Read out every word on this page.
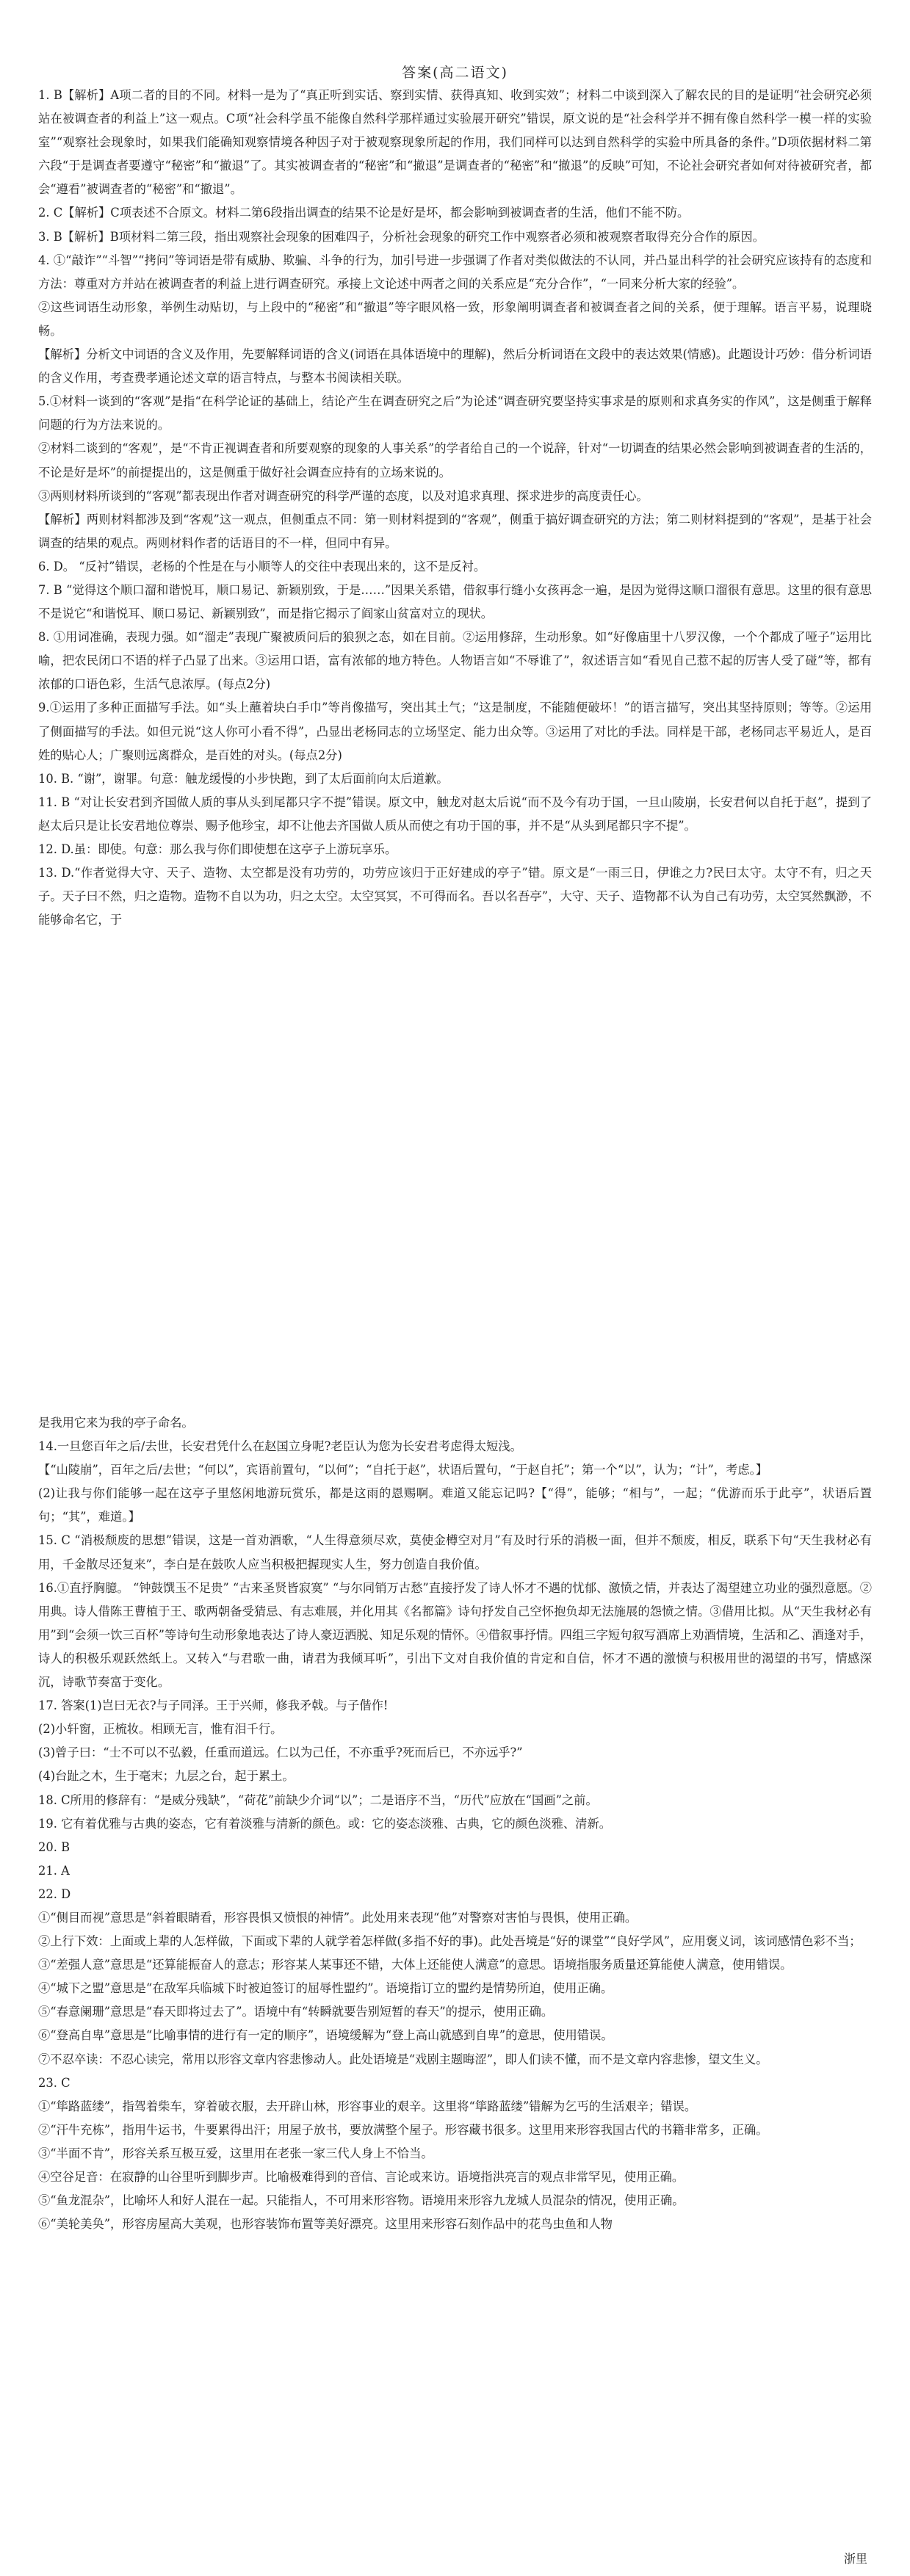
答案(高二语文)

1. B【解析】A项二者的目的不同。材料一是为了“真正听到实话、察到实情、获得真知、收到实效”；材料二中谈到深入了解农民的目的是证明“社会研究必须站在被调查者的利益上”这一观点。C项“社会科学虽不能像自然科学那样通过实验展开研究”错误，原文说的是“社会科学并不拥有像自然科学一模一样的实验室”“观察社会现象时，如果我们能确知观察情境各种因子对于被观察现象所起的作用，我们同样可以达到自然科学的实验中所具备的条件。”D项依据材料二第六段“于是调查者要遵守“秘密”和“撤退”了。其实被调查者的“秘密”和“撤退”是调查者的“秘密”和“撤退”的反映”可知，不论社会研究者如何对待被研究者，都会“遵看”被调查者的“秘密”和“撤退”。

2. C【解析】C项表述不合原文。材料二第6段指出调查的结果不论是好是坏，都会影响到被调查者的生活，他们不能不防。

3. B【解析】B项材料二第三段，指出观察社会现象的困难四子，分析社会现象的研究工作中观察者必须和被观察者取得充分合作的原因。

4. ①“敲诈”“斗智”“拷问”等词语是带有威胁、欺骗、斗争的行为，加引号进一步强调了作者对类似做法的不认同，并凸显出科学的社会研究应该持有的态度和方法：尊重对方并站在被调查者的利益上进行调查研究。承接上文论述中两者之间的关系应是“充分合作”，“一同来分析大家的经验”。

②这些词语生动形象，举例生动贴切，与上段中的“秘密”和“撤退”等字眼风格一致，形象阐明调查者和被调查者之间的关系，便于理解。语言平易，说理晓畅。

【解析】分析文中词语的含义及作用，先要解释词语的含义(词语在具体语境中的理解)，然后分析词语在文段中的表达效果(情感)。此题设计巧妙：借分析词语的含义作用，考查费孝通论述文章的语言特点，与整本书阅读相关联。

5.①材料一谈到的“客观”是指“在科学论证的基础上，结论产生在调查研究之后”为论述“调查研究要坚持实事求是的原则和求真务实的作风”，这是侧重于解释问题的行为方法来说的。

②材料二谈到的“客观”，是“不肯正视调查者和所要观察的现象的人事关系”的学者给自己的一个说辞，针对“一切调查的结果必然会影响到被调查者的生活的，不论是好是坏”的前提提出的，这是侧重于做好社会调查应持有的立场来说的。

③两则材料所谈到的“客观”都表现出作者对调查研究的科学严谨的态度，以及对追求真理、探求进步的高度责任心。

【解析】两则材料都涉及到“客观”这一观点，但侧重点不同：第一则材料提到的“客观”，侧重于搞好调查研究的方法；第二则材料提到的“客观”，是基于社会调查的结果的观点。两则材料作者的话语目的不一样，但同中有异。

6. D。 “反衬”错误，老杨的个性是在与小顺等人的交往中表现出来的，这不是反衬。

7. B “觉得这个顺口溜和谐悦耳，顺口易记、新颖别致，于是……”因果关系错，借叙事行缝小女孩再念一遍，是因为觉得这顺口溜很有意思。这里的很有意思不是说它“和谐悦耳、顺口易记、新颖别致”，而是指它揭示了阎家山贫富对立的现状。

8. ①用词准确，表现力强。如“溜走”表现广聚被质问后的狼狈之态，如在目前。②运用修辞，生动形象。如“好像庙里十八罗汉像，一个个都成了哑子”运用比喻，把农民闭口不语的样子凸显了出来。③运用口语，富有浓郁的地方特色。人物语言如“不辱谁了”，叙述语言如“看见自己惹不起的厉害人受了碰”等，都有浓郁的口语色彩，生活气息浓厚。(每点2分)

9.①运用了多种正面描写手法。如“头上蘸着块白手巾”等肖像描写，突出其土气；“这是制度，不能随便破坏！”的语言描写，突出其坚持原则；等等。②运用了侧面描写的手法。如但元说“这人你可小看不得”，凸显出老杨同志的立场坚定、能力出众等。③运用了对比的手法。同样是干部，老杨同志平易近人，是百姓的贴心人；广聚则远离群众，是百姓的对头。(每点2分)

10. B. “谢”，谢罪。句意：触龙缓慢的小步快跑，到了太后面前向太后道歉。

11. B “对让长安君到齐国做人质的事从头到尾都只字不提”错误。原文中，触龙对赵太后说“而不及今有功于国，一旦山陵崩，长安君何以自托于赵”，提到了赵太后只是让长安君地位尊崇、赐予他珍宝，却不让他去齐国做人质从而使之有功于国的事，并不是“从头到尾都只字不提”。

12. D.虽：即使。句意：那么我与你们即使想在这亭子上游玩享乐。

13. D.“作者觉得大守、天子、造物、太空都是没有功劳的，功劳应该归于正好建成的亭子”错。原文是“一雨三日，伊谁之力?民曰太守。太守不有，归之天子。天子曰不然，归之造物。造物不自以为功，归之太空。太空冥冥，不可得而名。吾以名吾亭”，大守、天子、造物都不认为自己有功劳，太空冥然飘渺，不能够命名它，于

是我用它来为我的亭子命名。

14.一旦您百年之后/去世，长安君凭什么在赵国立身呢?老臣认为您为长安君考虑得太短浅。

【“山陵崩”，百年之后/去世；“何以”，宾语前置句，“以何”；“自托于赵”，状语后置句，“于赵自托”；第一个“以”，认为；“计”，考虑。】

(2)让我与你们能够一起在这亭子里悠闲地游玩赏乐，都是这雨的恩赐啊。难道又能忘记吗?【“得”，能够；“相与”，一起；“优游而乐于此亭”，状语后置句；“其”，难道。】

15. C “消极颓废的思想”错误，这是一首劝酒歌，“人生得意须尽欢，莫使金樽空对月”有及时行乐的消极一面，但并不颓废，相反，联系下句“天生我材必有用，千金散尽还复来”，李白是在鼓吹人应当积极把握现实人生，努力创造自我价值。

16.①直抒胸臆。 “钟鼓馔玉不足贵” “古来圣贤皆寂寞” “与尔同销万古愁”直接抒发了诗人怀才不遇的忧郁、激愤之情，并表达了渴望建立功业的强烈意愿。②用典。诗人借陈王曹植于王、歌两朝备受猜忌、有志难展，并化用其《名都篇》诗句抒发自己空怀抱负却无法施展的怨愤之情。③借用比拟。从“天生我材必有用”到“会须一饮三百杯”等诗句生动形象地表达了诗人豪迈洒脱、知足乐观的情怀。④借叙事抒情。四组三字短句叙写酒席上劝酒情境，生活和乙、酒逢对手，诗人的积极乐观跃然纸上。又转入“与君歌一曲，请君为我倾耳听”，引出下文对自我价值的肯定和自信，怀才不遇的激愤与积极用世的渴望的书写，情感深沉，诗歌节奏富于变化。

17. 答案(1)岂曰无衣?与子同泽。王于兴师，修我矛戟。与子偕作!

(2)小轩窗，正梳妆。相顾无言，惟有泪千行。

(3)曾子曰：“士不可以不弘毅，任重而道远。仁以为己任，不亦重乎?死而后已，不亦远乎?”

(4)台趾之木，生于毫末；九层之台，起于累土。

18. C所用的修辞有：“是威分残缺”，“荷花”前缺少介词“以”；二是语序不当，“历代”应放在“国画”之前。

19. 它有着优雅与古典的姿态，它有着淡雅与清新的颜色。或：它的姿态淡雅、古典，它的颜色淡雅、清新。

20. B

21. A

22. D

①“侧目而视”意思是“斜着眼睛看，形容畏惧又愤恨的神情”。此处用来表现“他”对警察对害怕与畏惧，使用正确。

②上行下效：上面或上辈的人怎样做，下面或下辈的人就学着怎样做(多指不好的事)。此处吾境是“好的课堂”“良好学风”，应用褒义词，该词感情色彩不当；

③“差强人意”意思是“还算能振奋人的意志；形容某人某事还不错，大体上还能使人满意”的意思。语境指服务质量还算能使人满意，使用错误。

④“城下之盟”意思是“在敌军兵临城下时被迫签订的屈辱性盟约”。语境指订立的盟约是情势所迫，使用正确。

⑤“春意阑珊”意思是“春天即将过去了”。语境中有“转瞬就要告别短暂的春天”的提示，使用正确。

⑥“登高自卑”意思是“比喻事情的进行有一定的顺序”，语境缓解为“登上高山就感到自卑”的意思，使用错误。

⑦不忍卒读：不忍心读完，常用以形容文章内容悲惨动人。此处语境是“戏剧主题晦涩”，即人们读不懂，而不是文章内容悲惨，望文生义。

23. C

①“筚路蓝缕”，指驾着柴车，穿着破衣服，去开辟山林，形容事业的艰辛。这里将“筚路蓝缕”错解为乞丐的生活艰辛；错误。

②“汗牛充栋”，指用牛运书，牛要累得出汗；用屋子放书，要放满整个屋子。形容藏书很多。这里用来形容我国古代的书籍非常多，正确。

③“半面不肯”，形容关系互极互爱，这里用在老张一家三代人身上不恰当。

④空谷足音：在寂静的山谷里听到脚步声。比喻极难得到的音信、言论或来访。语境指洪亮言的观点非常罕见，使用正确。

⑤“鱼龙混杂”，比喻坏人和好人混在一起。只能指人，不可用来形容物。语境用来形容九龙城人员混杂的情况，使用正确。

⑥“美轮美奂”，形容房屋高大美观，也形容装饰布置等美好漂亮。这里用来形容石刻作品中的花鸟虫鱼和人物

浙里
